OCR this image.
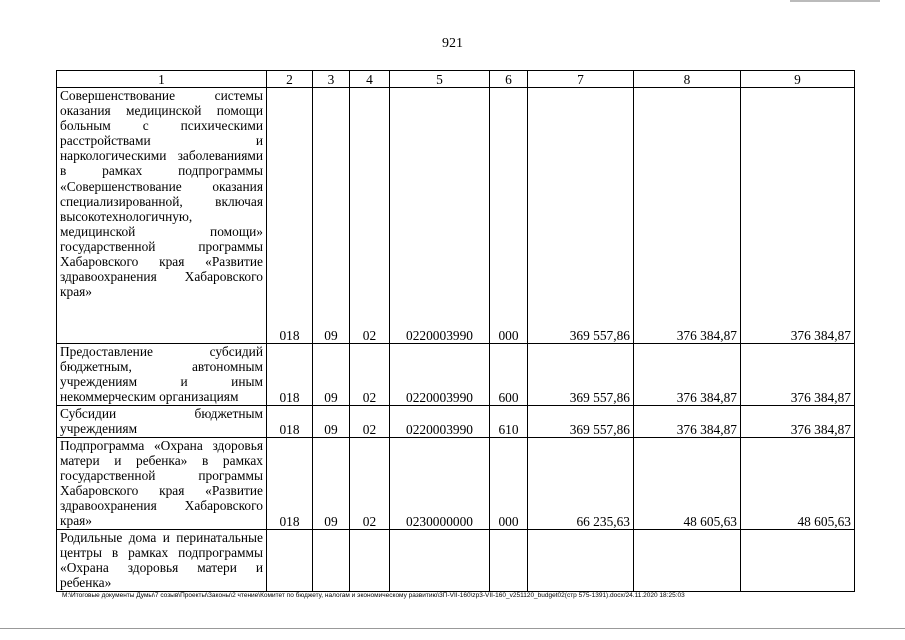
921
1	2	3	4	5	6	7	8	9

Совершенствование системы оказания медицинской помощи больным с психическими расстройствами и наркологическими заболеваниями в рамках подпрограммы «Совершенствование оказания специализированной, включая высокотехнологичную, медицинской помощи» государственной программы Хабаровского края «Развитие здравоохранения Хабаровского края»	018	09	02	0220003990	000	369 557,86	376 384,87	376 384,87

Предоставление субсидий бюджетным, автономным учреждениям и иным некоммерческим организациям	018	09	02	0220003990	600	369 557,86	376 384,87	376 384,87

Субсидии бюджетным учреждениям	018	09	02	0220003990	610	369 557,86	376 384,87	376 384,87

Подпрограмма «Охрана здоровья матери и ребенка» в рамках государственной программы Хабаровского края «Развитие здравоохранения Хабаровского края»	018	09	02	0230000000	000	66 235,63	48 605,63	48 605,63

Родильные дома и перинатальные центры в рамках подпрограммы «Охрана здоровья матери и ребенка»								

M:\Итоговые документы Думы\7 созыв\Проекты\Законы\2 чтение\Комитет по бюджету, налогам и экономическому развитию\3П-VII-160\zp3-VII-160_v251120_budget02(стр 575-1391).docx/24.11.2020 18:25:03
